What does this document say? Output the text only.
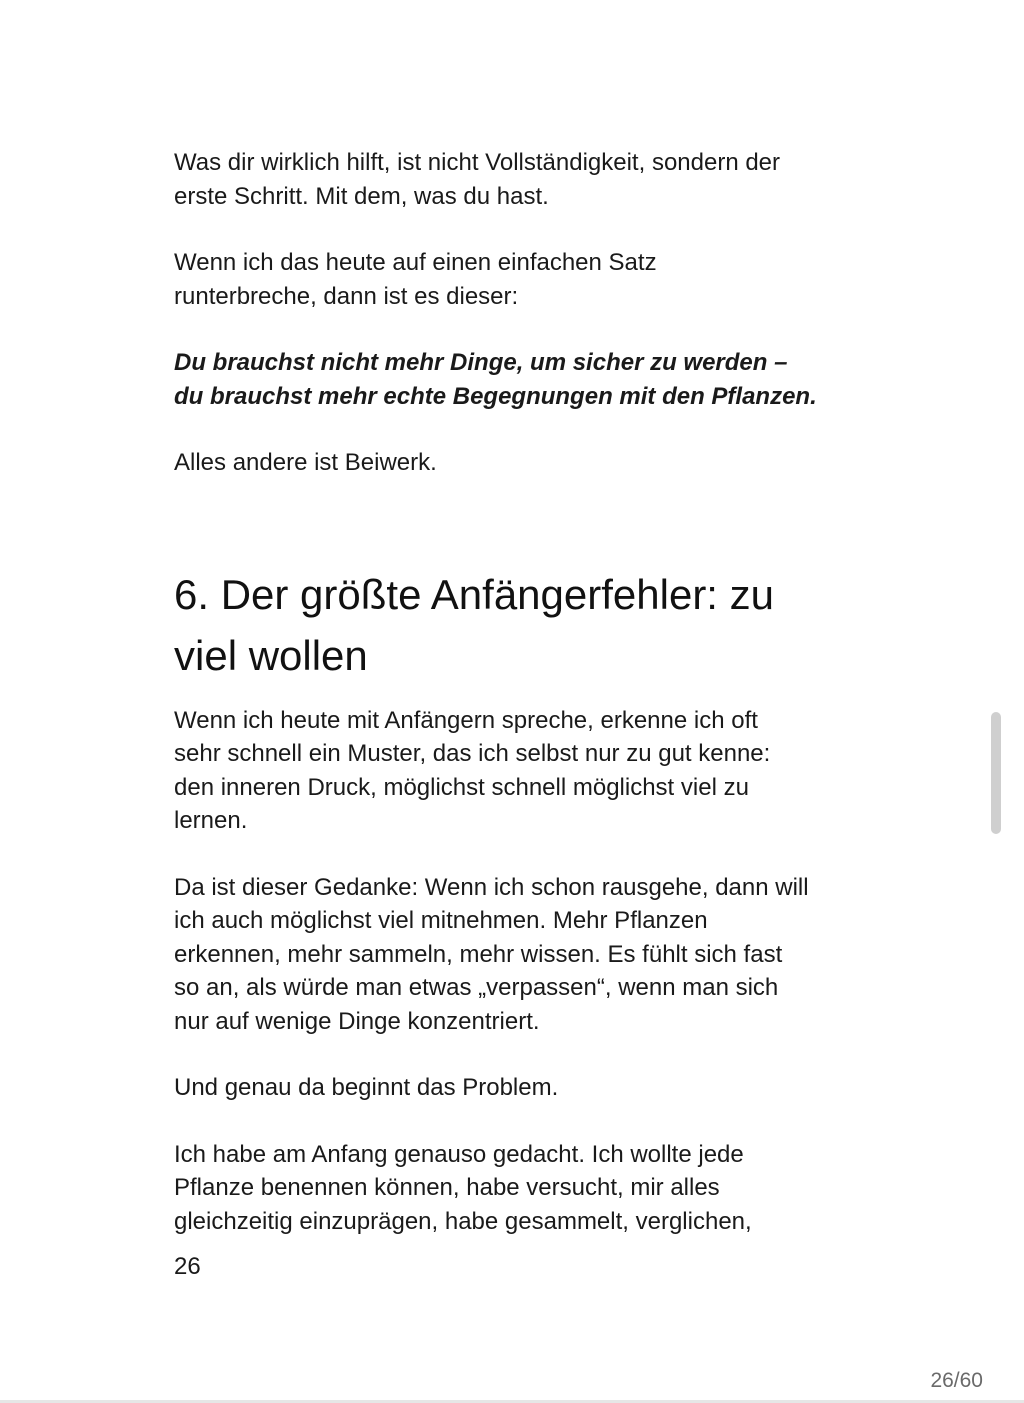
Was dir wirklich hilft, ist nicht Vollständigkeit, sondern der
erste Schritt. Mit dem, was du hast.

Wenn ich das heute auf einen einfachen Satz
runterbreche, dann ist es dieser:

Du brauchst nicht mehr Dinge, um sicher zu werden –
du brauchst mehr echte Begegnungen mit den Pflanzen.

Alles andere ist Beiwerk.

6. Der größte Anfängerfehler: zu
viel wollen

Wenn ich heute mit Anfängern spreche, erkenne ich oft
sehr schnell ein Muster, das ich selbst nur zu gut kenne:
den inneren Druck, möglichst schnell möglichst viel zu
lernen.

Da ist dieser Gedanke: Wenn ich schon rausgehe, dann will
ich auch möglichst viel mitnehmen. Mehr Pflanzen
erkennen, mehr sammeln, mehr wissen. Es fühlt sich fast
so an, als würde man etwas „verpassen“, wenn man sich
nur auf wenige Dinge konzentriert.

Und genau da beginnt das Problem.

Ich habe am Anfang genauso gedacht. Ich wollte jede
Pflanze benennen können, habe versucht, mir alles
gleichzeitig einzuprägen, habe gesammelt, verglichen,

26
26/60
